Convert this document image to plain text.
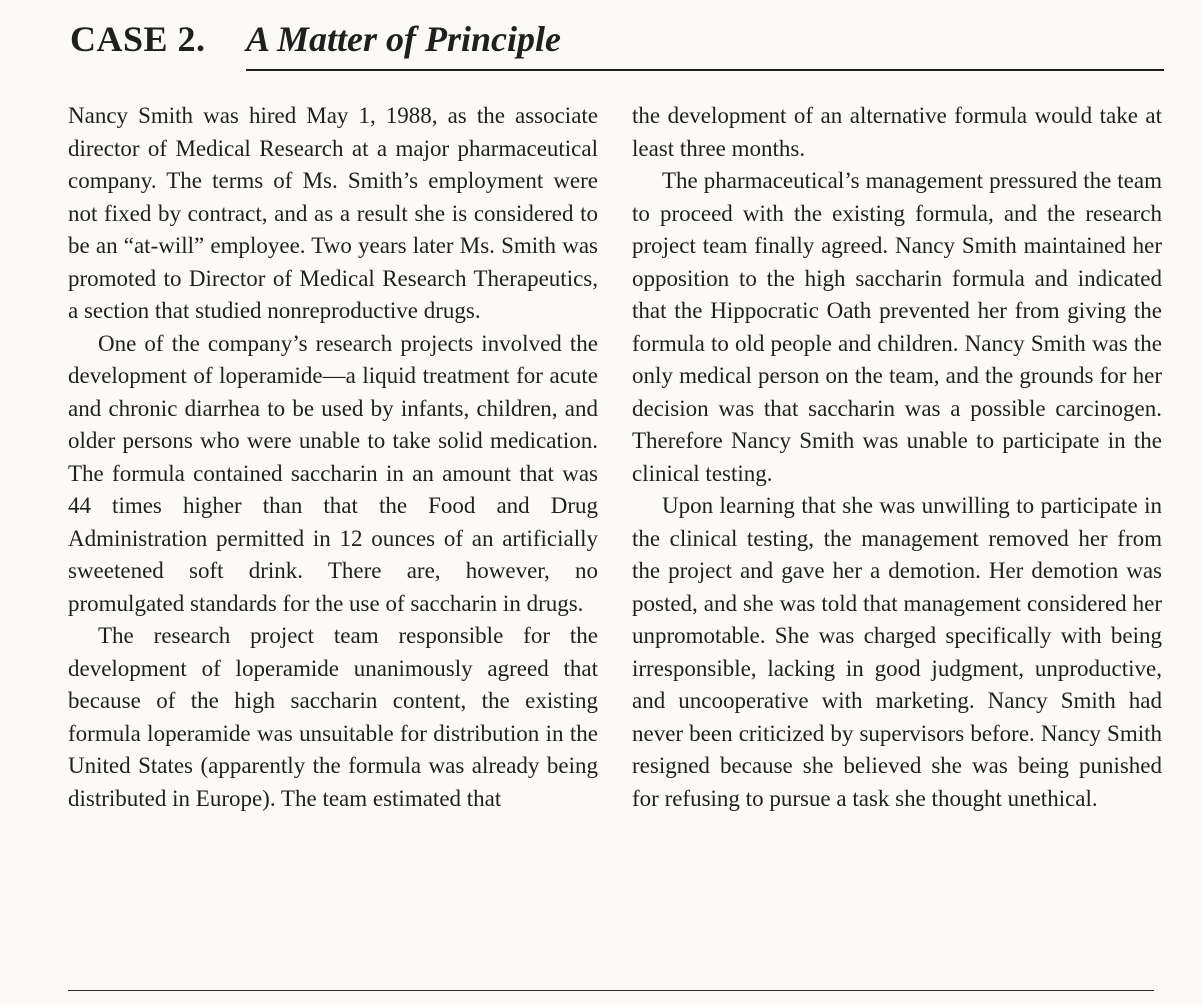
CASE 2. A Matter of Principle

Nancy Smith was hired May 1, 1988, as the associate director of Medical Research at a major pharmaceutical company. The terms of Ms. Smith’s employment were not fixed by contract, and as a result she is considered to be an “at-will” employee. Two years later Ms. Smith was promoted to Director of Medical Research Therapeutics, a section that studied nonreproductive drugs.

One of the company’s research projects involved the development of loperamide—a liquid treatment for acute and chronic diarrhea to be used by infants, children, and older persons who were unable to take solid medication. The formula contained saccharin in an amount that was 44 times higher than that the Food and Drug Administration permitted in 12 ounces of an artificially sweetened soft drink. There are, however, no promulgated standards for the use of saccharin in drugs.

The research project team responsible for the development of loperamide unanimously agreed that because of the high saccharin content, the existing formula loperamide was unsuitable for distribution in the United States (apparently the formula was already being distributed in Europe). The team estimated that

the development of an alternative formula would take at least three months.

The pharmaceutical’s management pressured the team to proceed with the existing formula, and the research project team finally agreed. Nancy Smith maintained her opposition to the high saccharin formula and indicated that the Hippocratic Oath prevented her from giving the formula to old people and children. Nancy Smith was the only medical person on the team, and the grounds for her decision was that saccharin was a possible carcinogen. Therefore Nancy Smith was unable to participate in the clinical testing.

Upon learning that she was unwilling to participate in the clinical testing, the management removed her from the project and gave her a demotion. Her demotion was posted, and she was told that management considered her unpromotable. She was charged specifically with being irresponsible, lacking in good judgment, unproductive, and uncooperative with marketing. Nancy Smith had never been criticized by supervisors before. Nancy Smith resigned because she believed she was being punished for refusing to pursue a task she thought unethical.
